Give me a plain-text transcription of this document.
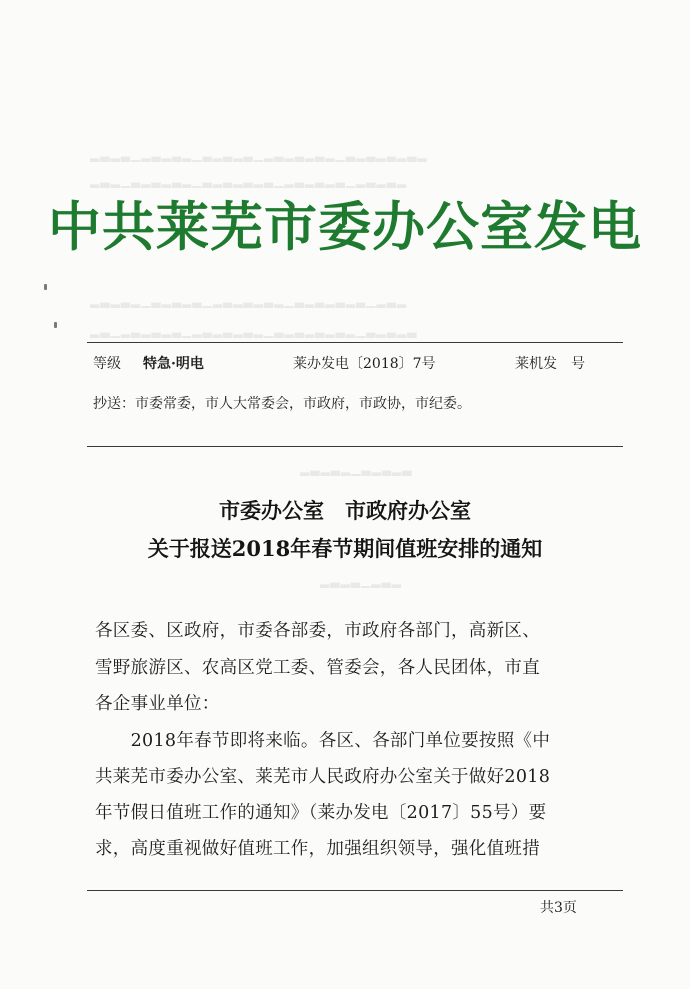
▂▃▂▃▁▂▃▂▃▂▁▃▂▃▂▃▁▂▃▂▃▂▃▂▁▃▂▃▂▃▂▃▂
▂▃▂▁▃▂▃▂▃▂▁▃▂▃▂▃▂▃▁▂▃▂▃▂▃▁▂▃▂▃▂
▂▃▂▃▂▁▃▂▃▂▃▁▂▃▂▃▂▃▂▁▃▂▃▂▃▂▃▁▂▃▂
▂▃▁▂▃▂▃▂▃▁▂▃▂▃▂▃▂▁▃▂▃▂▃▂▃▂▁▃▂▃▂▃
▂▃▂▃▂▁▃▂▃▂▃
▂▃▂▃▁▂▃▂
中共莱芜市委办公室发电
等级 特急·明电	莱办发电〔2018〕7号	莱机发　号
抄送：市委常委，市人大常委会，市政府，市政协，市纪委。
市委办公室　市政府办公室
关于报送2018年春节期间值班安排的通知
各区委、区政府，市委各部委，市政府各部门，高新区、
雪野旅游区、农高区党工委、管委会，各人民团体，市直
各企事业单位：
　　2018年春节即将来临。各区、各部门单位要按照《中
共莱芜市委办公室、莱芜市人民政府办公室关于做好2018
年节假日值班工作的通知》（莱办发电〔2017〕55号）要
求，高度重视做好值班工作，加强组织领导，强化值班措
共3页
